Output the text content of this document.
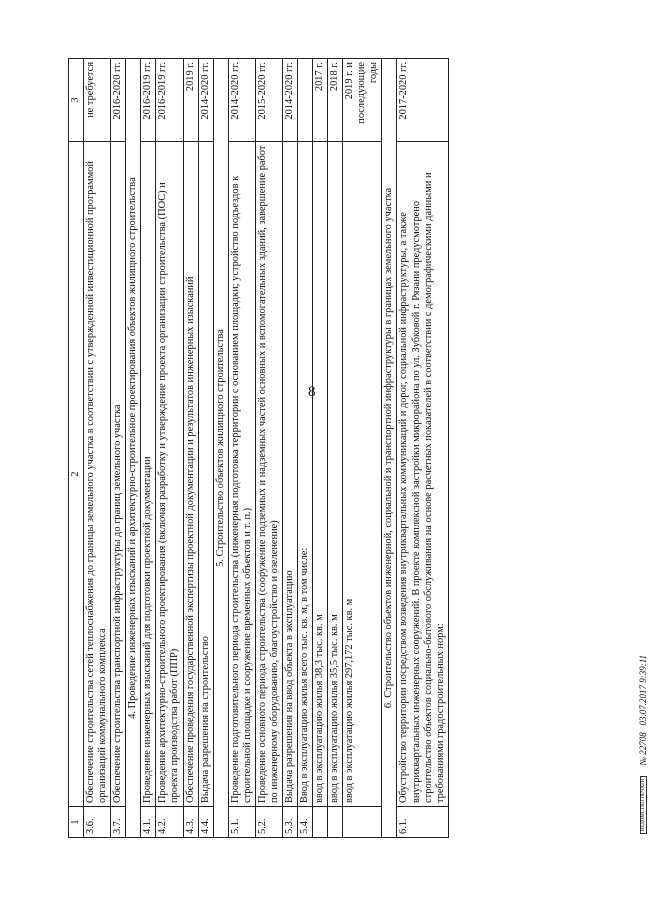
8
1	2	3
3.6.	Обеспечение строительства сетей теплоснабжения до границы земельного участка в соответствии с утвержденной инвестиционной программой организаций коммунального комплекса	не требуется
3.7.	Обеспечение строительства транспортной инфраструктуры до границ земельного участка	2016-2020 гг.
4. Проведение инженерных изысканий и архитектурно-строительное проектирования объектов жилищного строительства		
4.1.	Проведение инженерных изысканий для подготовки проектной документации	2016-2019 гг.
4.2.	Проведение архитектурно-строительного проектирования (включая разработку и утверждение проекта организации строительства (ПОС) и проекта производства работ (ППР)	2016-2019 гг.
4.3.	Обеспечение проведения государственной экспертизы проектной документации и результатов инженерных изысканий	2019 г.
4.4.	Выдача разрешения на строительство	2014-2020 гг.
5. Строительство объектов жилищного строительства		
5.1.	Проведение подготовительного периода строительства (инженерная подготовка территории с основанием площадки; устройство подъездов к строительной площадке и сооружение временных объектов и т. п.)	2014-2020 гг.
5.2.	Проведение основного периода строительства (сооружение подземных и надземных частей основных и вспомогательных зданий, завершение работ по инженерному оборудованию, благоустройство и озеленение)	2015-2020 гг.
5.3.	Выдача разрешения на ввод объекта в эксплуатацию	2014-2020 гг.
5.4.	Ввод в эксплуатацию жилья всего тыс. кв. м, в том числе:	
	ввод в эксплуатацию жилья 38,3 тыс. кв. м	2017 г.
	ввод в эксплуатацию жилья 35,5 тыс. кв. м	2018 г.
	ввод в эксплуатацию жилья 297,172 тыс. кв. м	2019 г. и последующие годы
6. Строительство объектов инженерной, социальной и транспортной инфраструктуры в границах земельного участка		
6.1.	Обустройство территории посредством возведения внутриквартальных коммуникаций и дорог, социальной инфраструктуры, а также внутриквартальных инженерных сооружений. В проекте комплексной застройки микрорайона по ул. Зубковой г. Рязани предусмотрено строительство объектов социально-бытового обслуживания на основе расчетных показателей в соответствии с демографическими данными и требованиями градостроительных норм:	2017-2020 гг.
ВЕДОМСТВО ПЕЧАТИ № 22708   03.07.2017 9:39:11
